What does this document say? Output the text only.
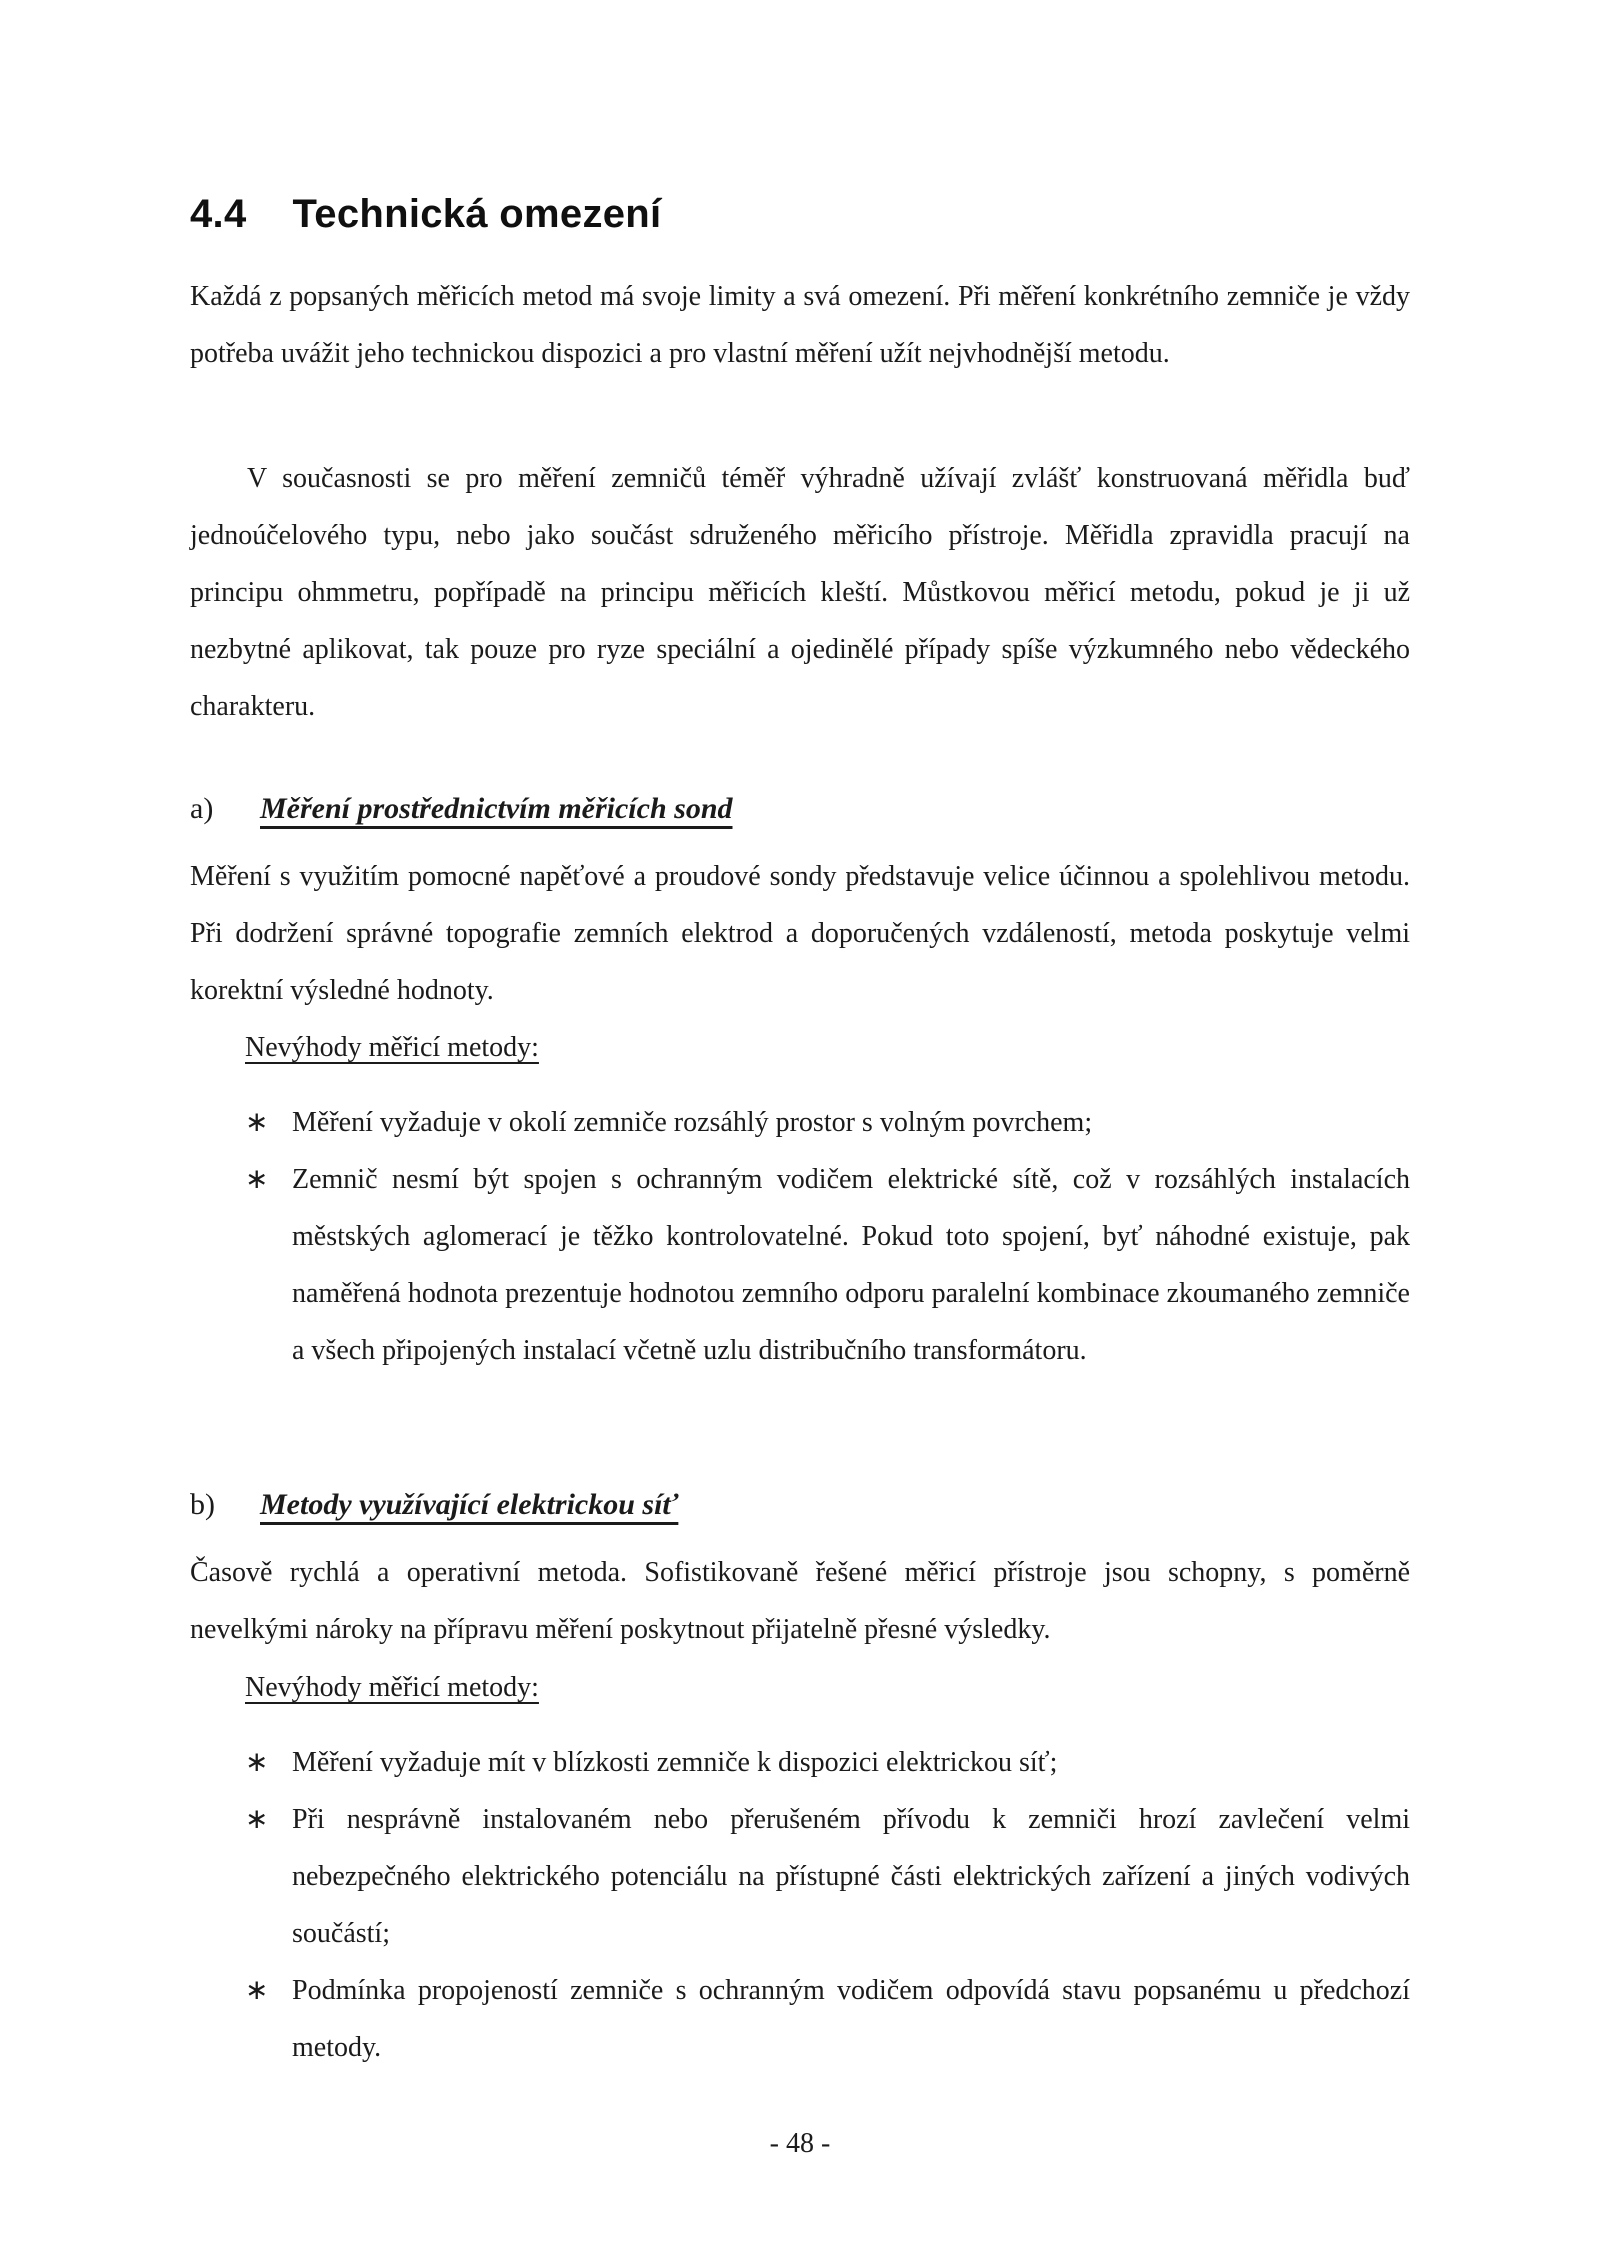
4.4 Technická omezení

Každá z popsaných měřicích metod má svoje limity a svá omezení. Při měření konkrétního zemniče je vždy potřeba uvážit jeho technickou dispozici a pro vlastní měření užít nejvhodnější metodu.

V současnosti se pro měření zemničů téměř výhradně užívají zvlášť konstruovaná měřidla buď jednoúčelového typu, nebo jako součást sdruženého měřicího přístroje. Měřidla zpravidla pracují na principu ohmmetru, popřípadě na principu měřicích kleští. Můstkovou měřicí metodu, pokud je ji už nezbytné aplikovat, tak pouze pro ryze speciální a ojedinělé případy spíše výzkumného nebo vědeckého charakteru.

a) Měření prostřednictvím měřicích sond

Měření s využitím pomocné napěťové a proudové sondy představuje velice účinnou a spolehlivou metodu. Při dodržení správné topografie zemních elektrod a doporučených vzdáleností, metoda poskytuje velmi korektní výsledné hodnoty.

Nevýhody měřicí metody:
∗ Měření vyžaduje v okolí zemniče rozsáhlý prostor s volným povrchem;
∗ Zemnič nesmí být spojen s ochranným vodičem elektrické sítě, což v rozsáhlých instalacích městských aglomerací je těžko kontrolovatelné. Pokud toto spojení, byť náhodné existuje, pak naměřená hodnota prezentuje hodnotou zemního odporu paralelní kombinace zkoumaného zemniče a všech připojených instalací včetně uzlu distribučního transformátoru.
b) Metody využívající elektrickou síť

Časově rychlá a operativní metoda. Sofistikovaně řešené měřicí přístroje jsou schopny, s poměrně nevelkými nároky na přípravu měření poskytnout přijatelně přesné výsledky.

Nevýhody měřicí metody:
∗ Měření vyžaduje mít v blízkosti zemniče k dispozici elektrickou síť;
∗ Při nesprávně instalovaném nebo přerušeném přívodu k zemniči hrozí zavlečení velmi nebezpečného elektrického potenciálu na přístupné části elektrických zařízení a jiných vodivých součástí;
∗ Podmínka propojeností zemniče s ochranným vodičem odpovídá stavu popsanému u předchozí metody.
- 48 -
